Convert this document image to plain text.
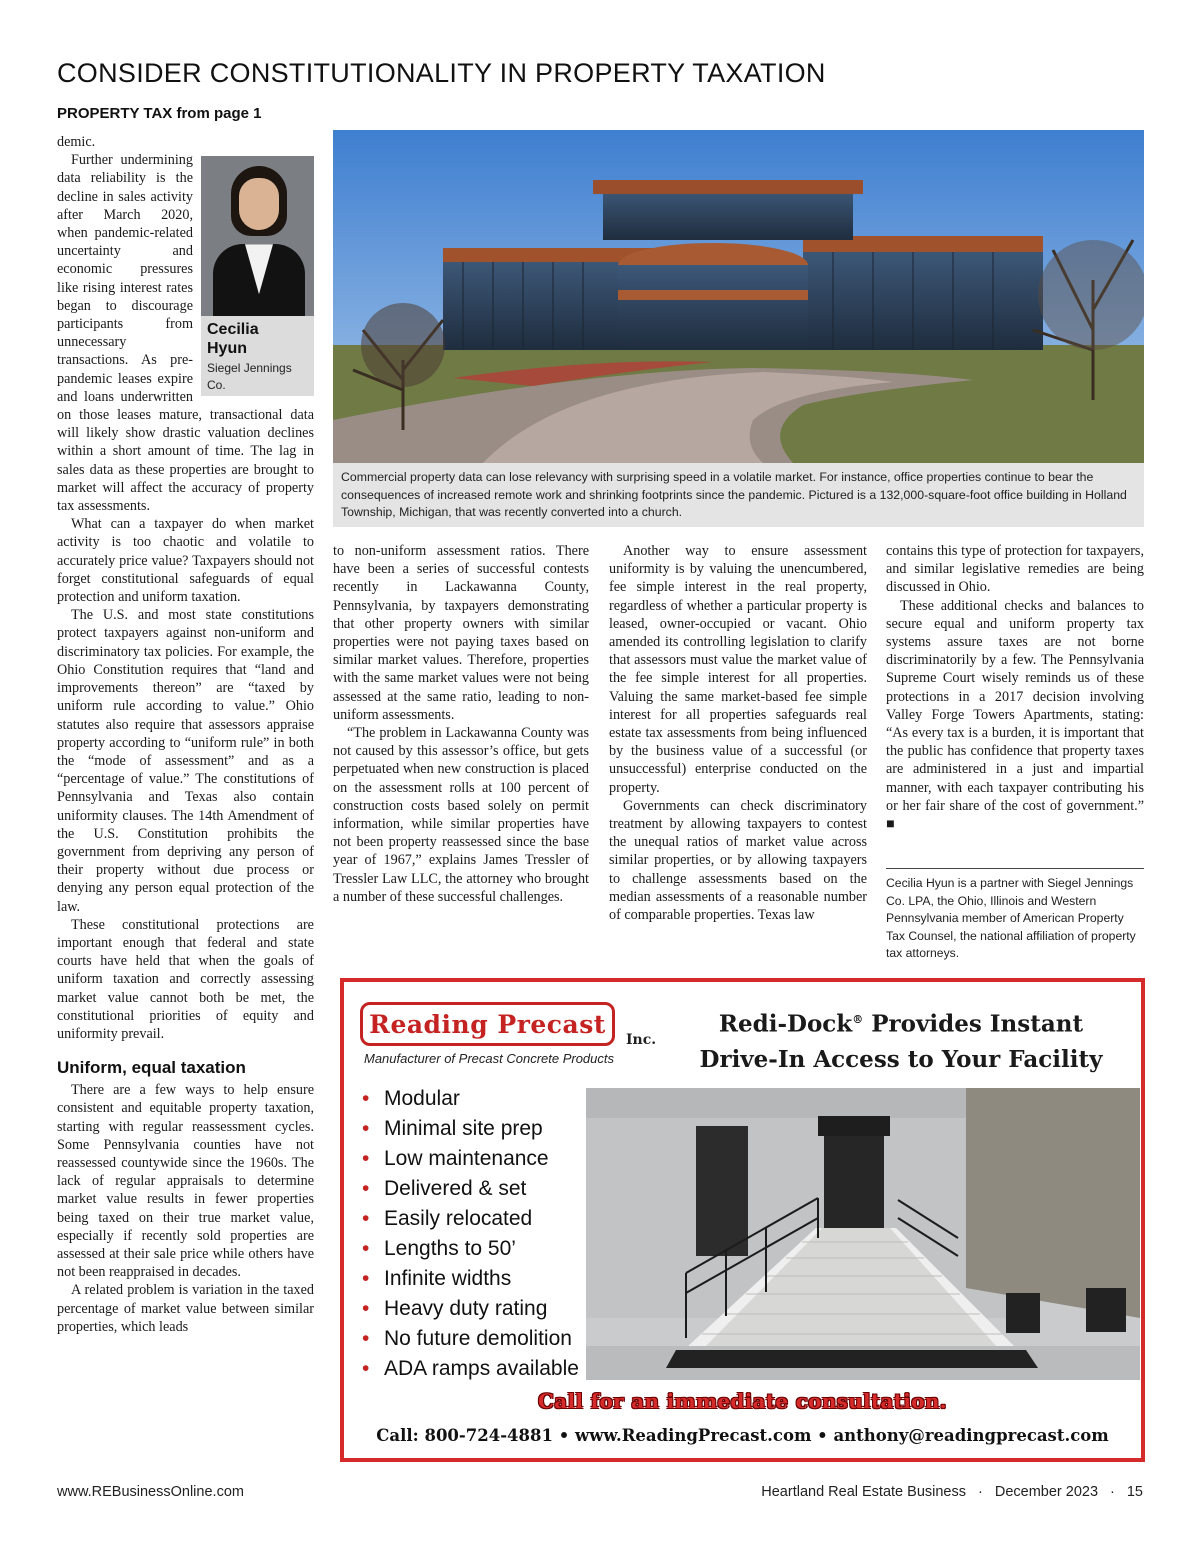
CONSIDER CONSTITUTIONALITY IN PROPERTY TAXATION
PROPERTY TAX from page 1

demic.

Cecilia
Hyun
Siegel Jennings
Co.

Further undermining data reliability is the decline in sales activity after March 2020, when pandemic-related uncertainty and economic pressures like rising interest rates began to discourage participants from unnecessary transactions. As pre-pandemic leases expire and loans underwritten on those leases mature, transactional data will likely show drastic valuation declines within a short amount of time. The lag in sales data as these properties are brought to market will affect the accuracy of property tax assessments.

What can a taxpayer do when market activity is too chaotic and volatile to accurately price value? Taxpayers should not forget constitutional safeguards of equal protection and uniform taxation.

The U.S. and most state constitutions protect taxpayers against non-uniform and discriminatory tax policies. For example, the Ohio Constitution requires that “land and improvements thereon” are “taxed by uniform rule according to value.” Ohio statutes also require that assessors appraise property according to “uniform rule” in both the “mode of assessment” and as a “percentage of value.” The constitutions of Pennsylvania and Texas also contain uniformity clauses. The 14th Amendment of the U.S. Constitution prohibits the government from depriving any person of their property without due process or denying any person equal protection of the law.

These constitutional protections are important enough that federal and state courts have held that when the goals of uniform taxation and correctly assessing market value cannot both be met, the constitutional priorities of equity and uniformity prevail.

Uniform, equal taxation

There are a few ways to help ensure consistent and equitable property taxation, starting with regular reassessment cycles. Some Pennsylvania counties have not reassessed countywide since the 1960s. The lack of regular appraisals to determine market value results in fewer properties being taxed on their true market value, especially if recently sold properties are assessed at their sale price while others have not been reappraised in decades.

A related problem is variation in the taxed percentage of market value between similar properties, which leads

Commercial property data can lose relevancy with surprising speed in a volatile market. For instance, office properties continue to bear the consequences of increased remote work and shrinking footprints since the pandemic. Pictured is a 132,000-square-foot office building in Holland Township, Michigan, that was recently converted into a church.

to non-uniform assessment ratios. There have been a series of successful contests recently in Lackawanna County, Pennsylvania, by taxpayers demonstrating that other property owners with similar properties were not paying taxes based on similar market values. Therefore, properties with the same market values were not being assessed at the same ratio, leading to non-uniform assessments.

“The problem in Lackawanna County was not caused by this assessor’s office, but gets perpetuated when new construction is placed on the assessment rolls at 100 percent of construction costs based solely on permit information, while similar properties have not been property reassessed since the base year of 1967,” explains James Tressler of Tressler Law LLC, the attorney who brought a number of these successful challenges.

Another way to ensure assessment uniformity is by valuing the unencumbered, fee simple interest in the real property, regardless of whether a particular property is leased, owner-occupied or vacant. Ohio amended its controlling legislation to clarify that assessors must value the market value of the fee simple interest for all properties. Valuing the same market-based fee simple interest for all properties safeguards real estate tax assessments from being influenced by the business value of a successful (or unsuccessful) enterprise conducted on the property.

Governments can check discriminatory treatment by allowing taxpayers to contest the unequal ratios of market value across similar properties, or by allowing taxpayers to challenge assessments based on the median assessments of a reasonable number of comparable properties. Texas law

contains this type of protection for taxpayers, and similar legislative remedies are being discussed in Ohio.

These additional checks and balances to secure equal and uniform property tax systems assure taxes are not borne discriminatorily by a few. The Pennsylvania Supreme Court wisely reminds us of these protections in a 2017 decision involving Valley Forge Towers Apartments, stating: “As every tax is a burden, it is important that the public has confidence that property taxes are administered in a just and impartial manner, with each taxpayer contributing his or her fair share of the cost of government.” ■

Cecilia Hyun is a partner with Siegel Jennings Co. LPA, the Ohio, Illinois and Western Pennsylvania member of American Property Tax Counsel, the national affiliation of property tax attorneys.
Reading Precast
Inc.
Manufacturer of Precast Concrete Products
Redi-Dock® Provides Instant
Drive-In Access to Your Facility
• Modular
• Minimal site prep
• Low maintenance
• Delivered & set
• Easily relocated
• Lengths to 50’
• Infinite widths
• Heavy duty rating
• No future demolition
• ADA ramps available
Call for an immediate consultation.
Call: 800-724-4881 • www.ReadingPrecast.com • anthony@readingprecast.com
www.REBusinessOnline.com	Heartland Real Estate Business · December 2023 · 15
